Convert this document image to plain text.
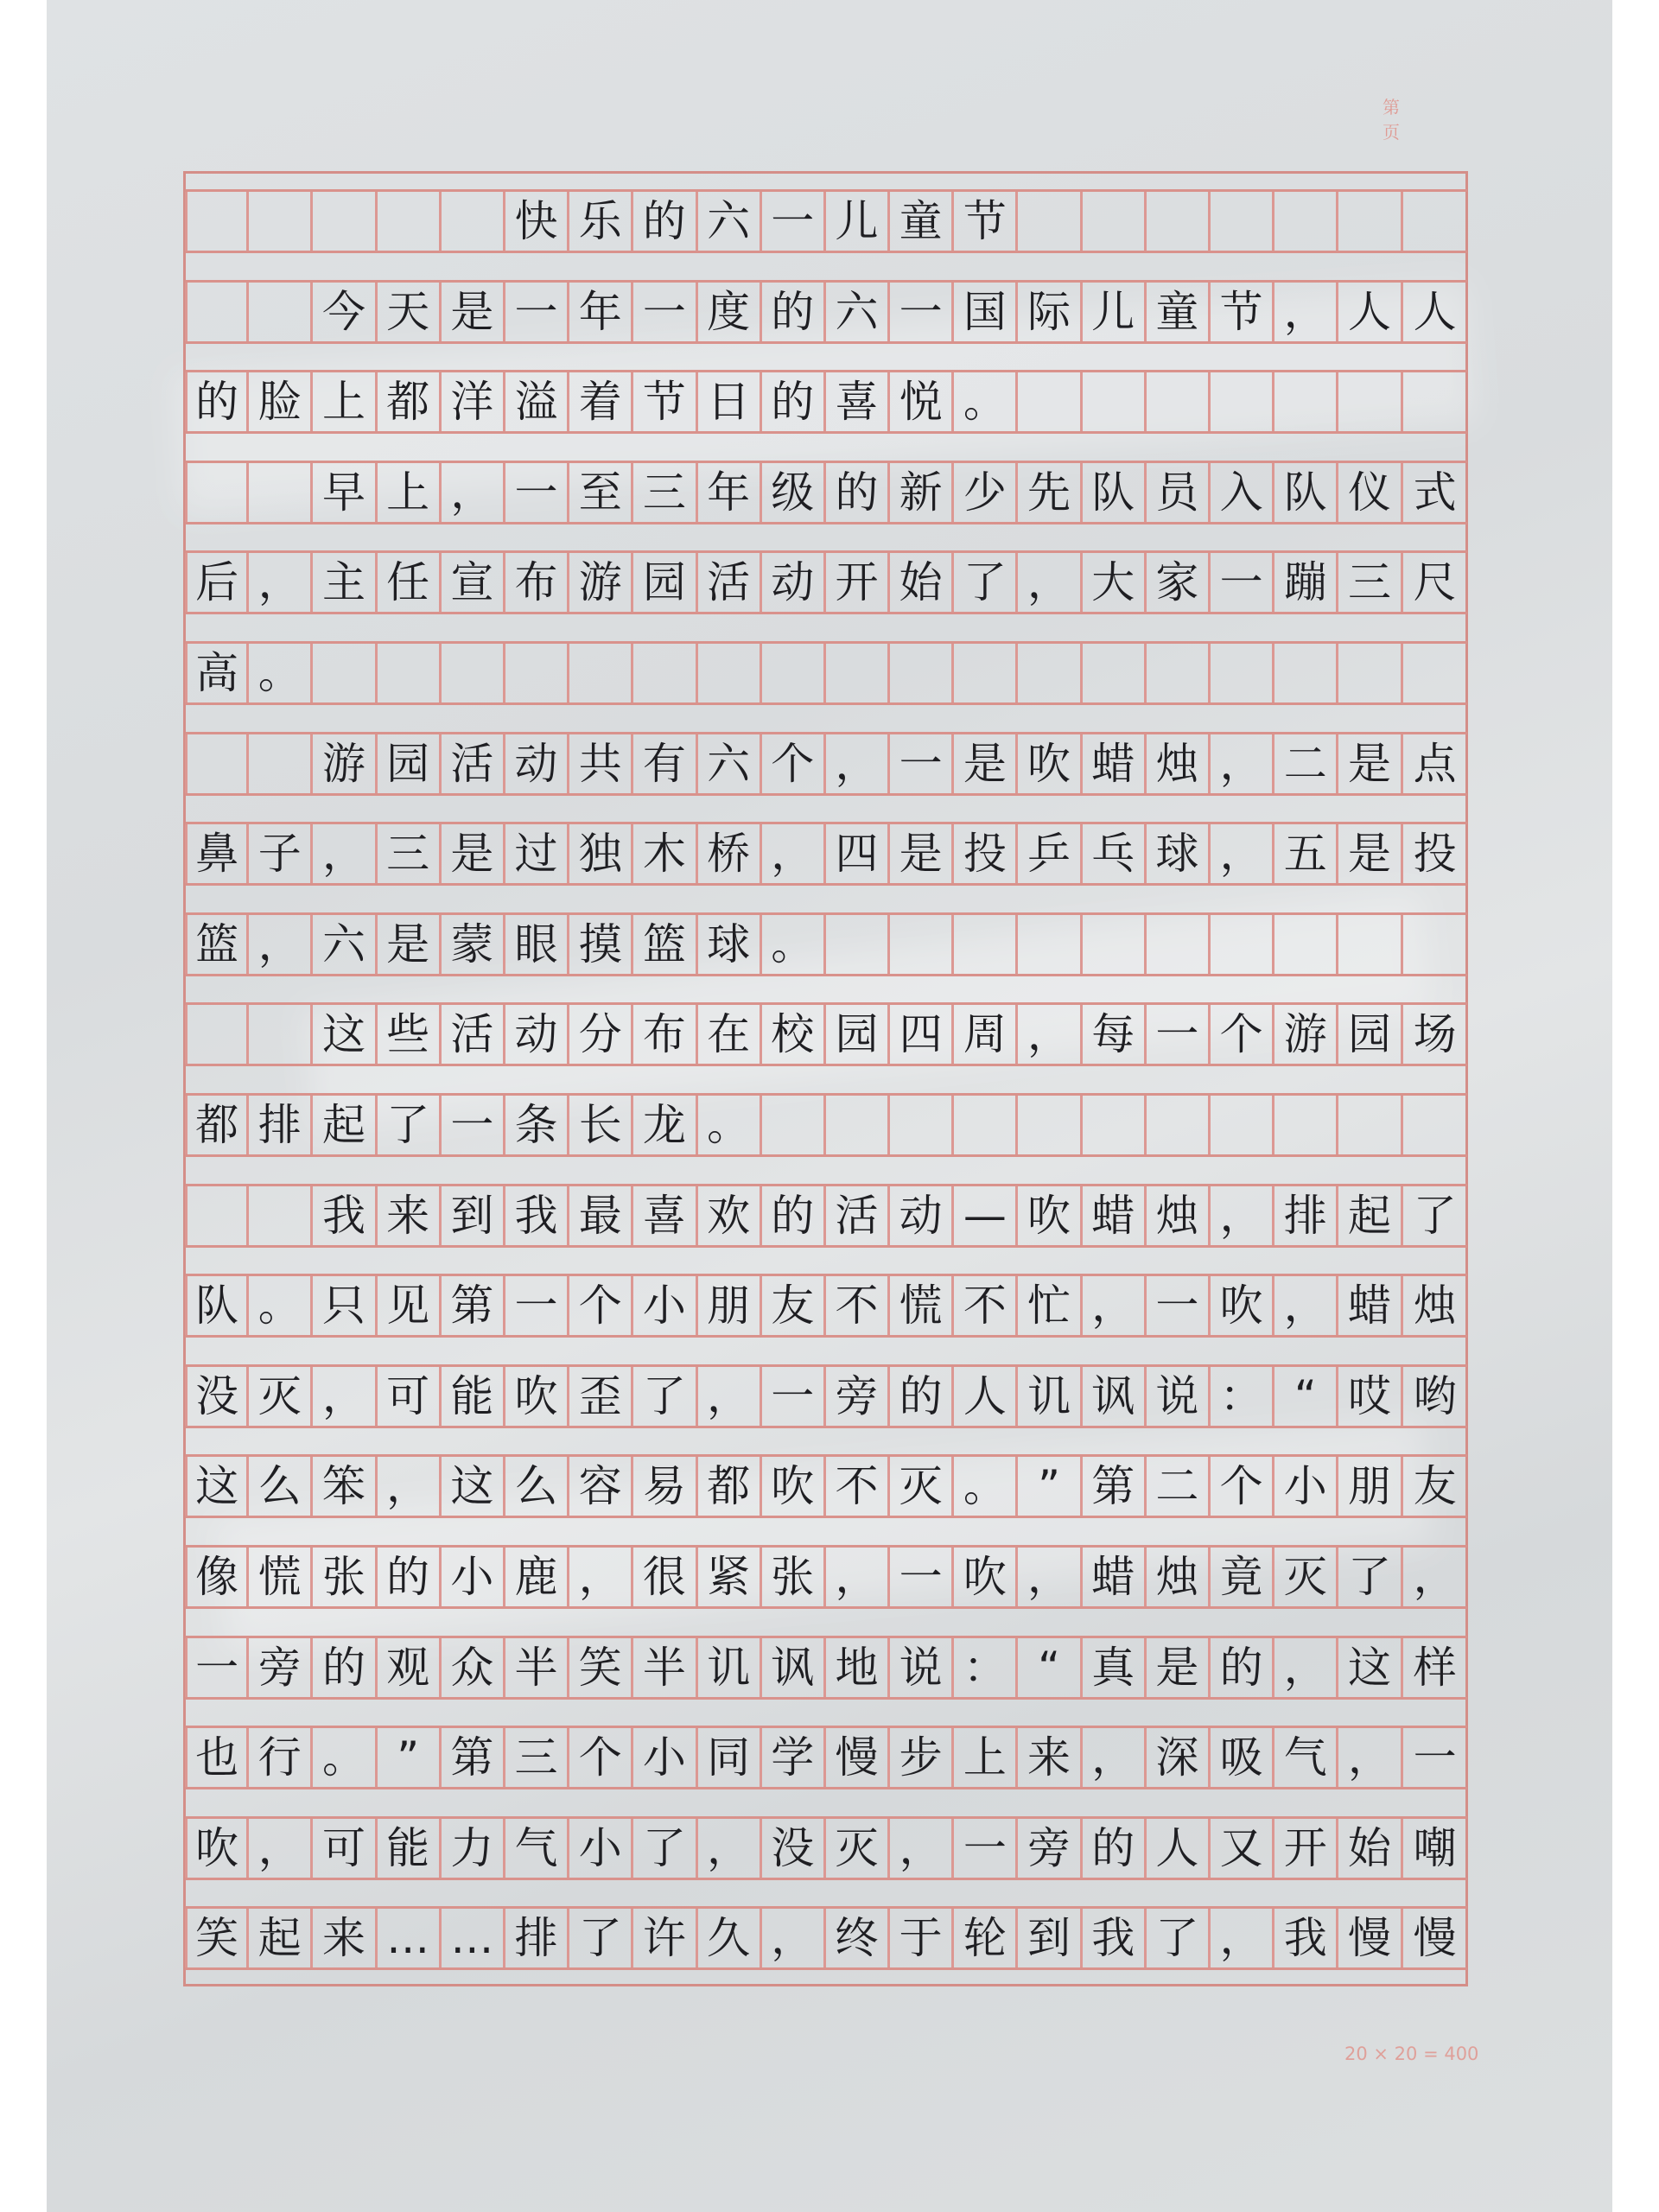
第 页
快 乐 的 六 一 儿 童 节
今 天 是 一 年 一 度 的 六 一 国 际 儿 童 节 ， 人 人
的 脸 上 都 洋 溢 着 节 日 的 喜 悦 。
早 上 ， 一 至 三 年 级 的 新 少 先 队 员 入 队 仪 式
后 ， 主 任 宣 布 游 园 活 动 开 始 了 ， 大 家 一 蹦 三 尺
高 。
游 园 活 动 共 有 六 个 ， 一 是 吹 蜡 烛 ， 二 是 点
鼻 子 ， 三 是 过 独 木 桥 ， 四 是 投 乒 乓 球 ， 五 是 投
篮 ， 六 是 蒙 眼 摸 篮 球 。
这 些 活 动 分 布 在 校 园 四 周 ， 每 一 个 游 园 场
都 排 起 了 一 条 长 龙 。
我 来 到 我 最 喜 欢 的 活 动 — 吹 蜡 烛 ， 排 起 了
队 。 只 见 第 一 个 小 朋 友 不 慌 不 忙 ， 一 吹 ， 蜡 烛
没 灭 ， 可 能 吹 歪 了 ， 一 旁 的 人 讥 讽 说 ： “ 哎 哟
这 么 笨 ， 这 么 容 易 都 吹 不 灭 。 ” 第 二 个 小 朋 友
像 慌 张 的 小 鹿 ， 很 紧 张 ， 一 吹 ， 蜡 烛 竟 灭 了 ，
一 旁 的 观 众 半 笑 半 讥 讽 地 说 ： “ 真 是 的 ， 这 样
也 行 。 ” 第 三 个 小 同 学 慢 步 上 来 ， 深 吸 气 ， 一
吹 ， 可 能 力 气 小 了 ， 没 灭 ， 一 旁 的 人 又 开 始 嘲
笑 起 来 … … 排 了 许 久 ， 终 于 轮 到 我 了 ， 我 慢 慢
20 × 20 = 400
